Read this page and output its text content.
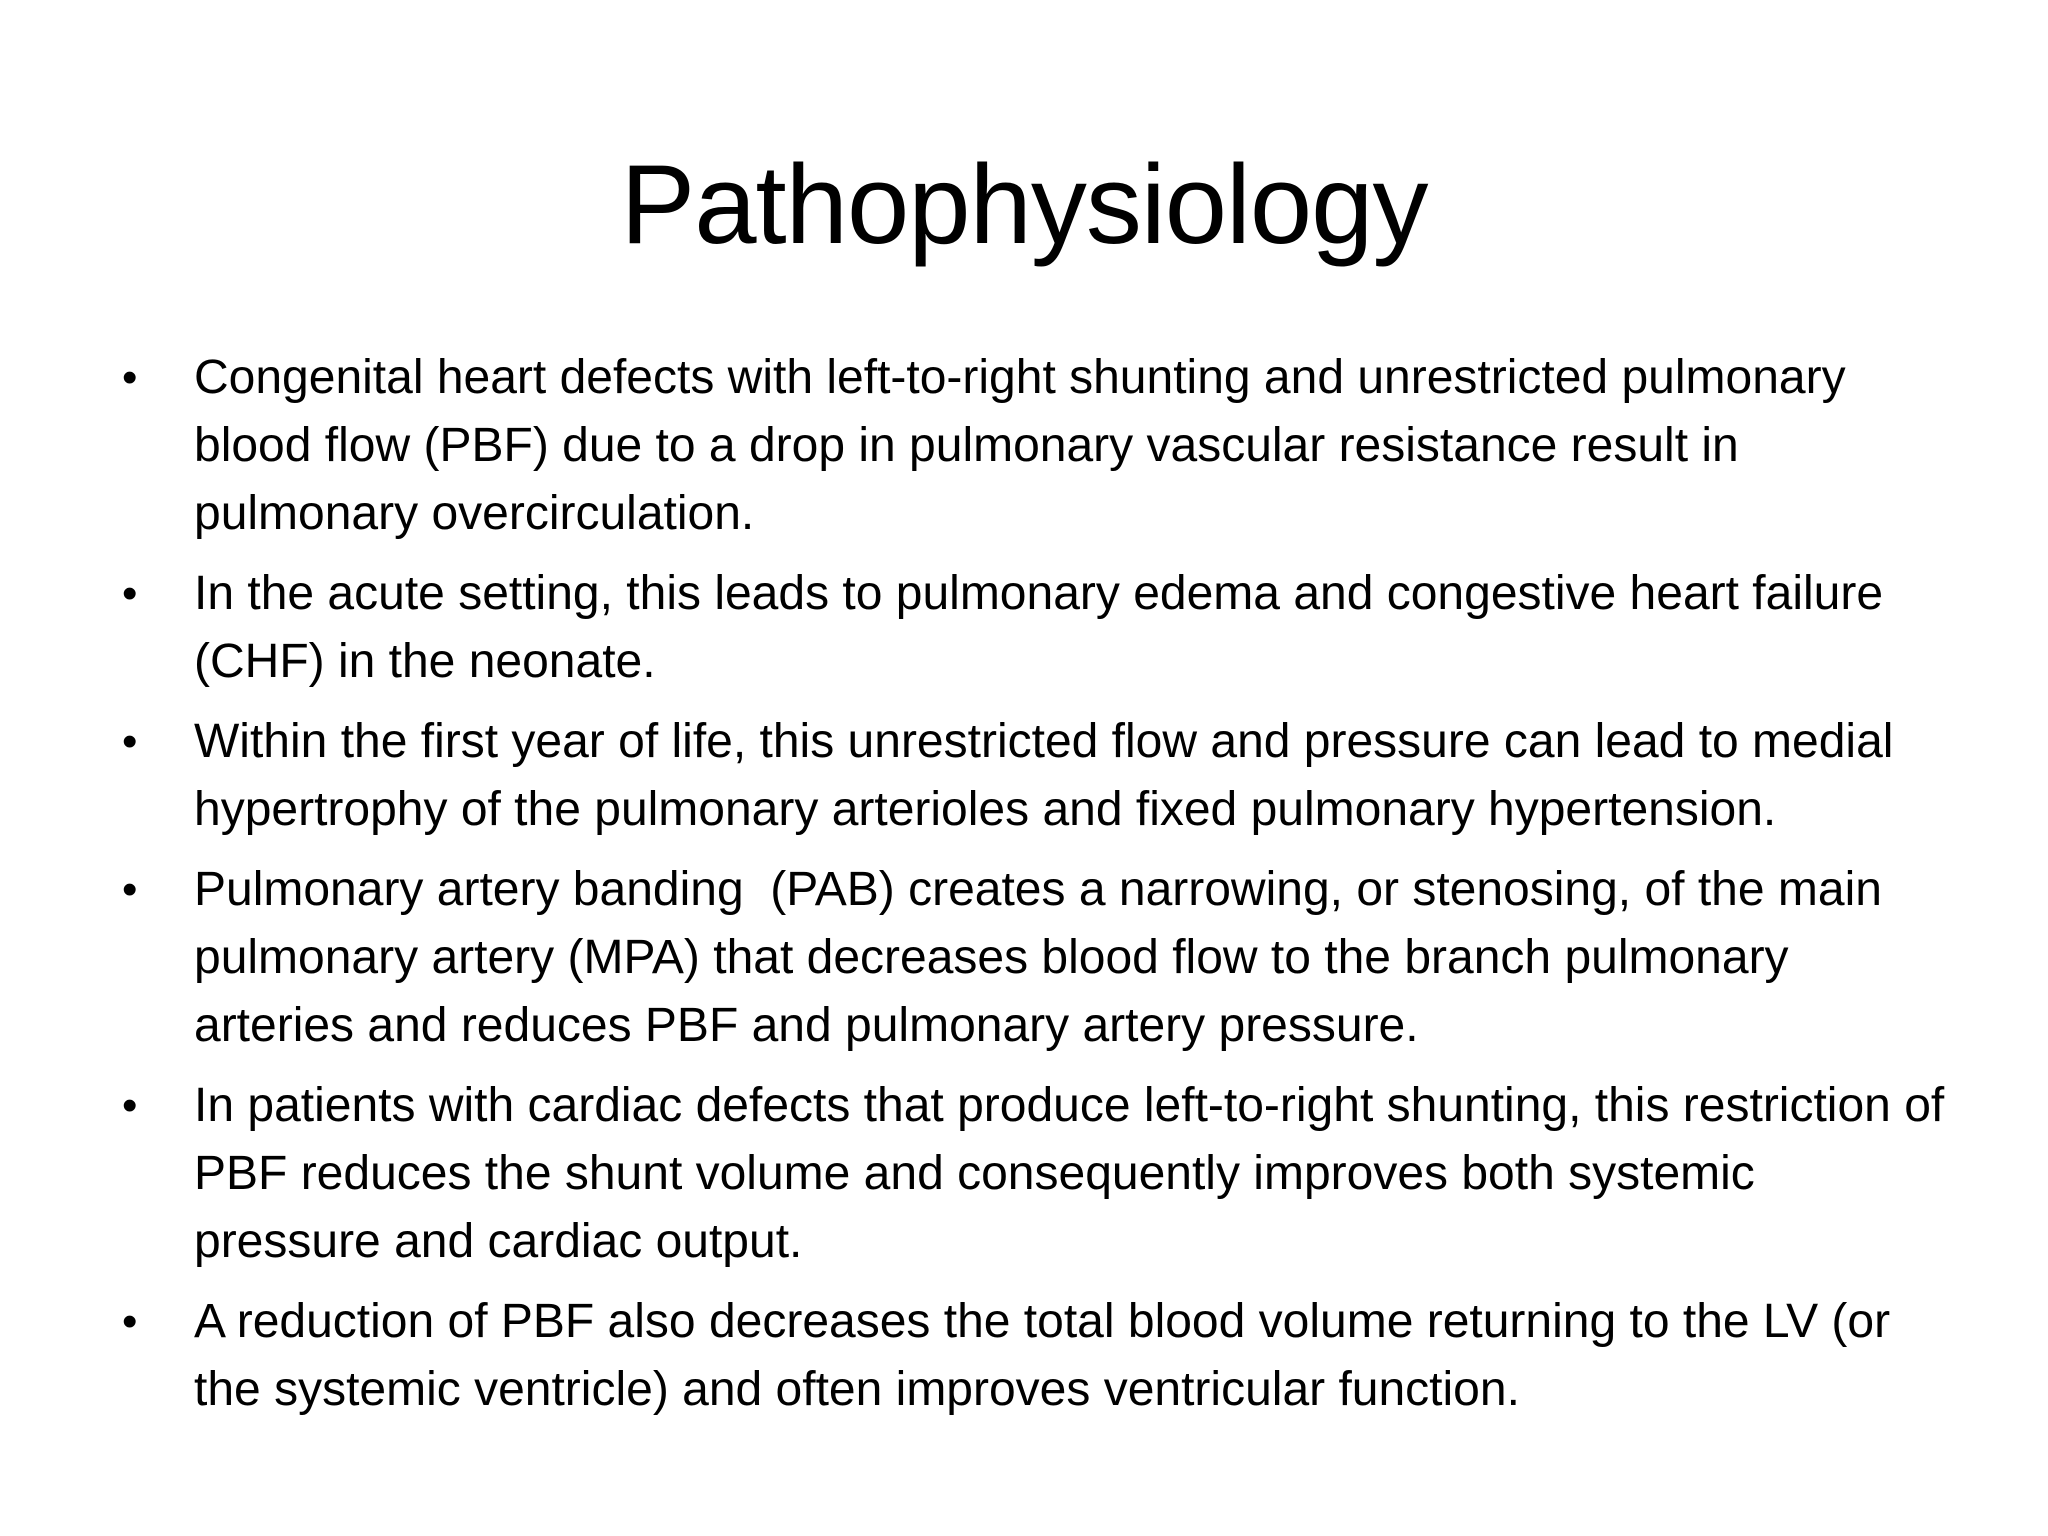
Pathophysiology
• Congenital heart defects with left-to-right shunting and unrestricted pulmonary blood flow (PBF) due to a drop in pulmonary vascular resistance result in pulmonary overcirculation.
• In the acute setting, this leads to pulmonary edema and congestive heart failure (CHF) in the neonate.
• Within the first year of life, this unrestricted flow and pressure can lead to medial hypertrophy of the pulmonary arterioles and fixed pulmonary hypertension.
• Pulmonary artery banding  (PAB) creates a narrowing, or stenosing, of the main pulmonary artery (MPA) that decreases blood flow to the branch pulmonary arteries and reduces PBF and pulmonary artery pressure.
• In patients with cardiac defects that produce left-to-right shunting, this restriction of PBF reduces the shunt volume and consequently improves both systemic pressure and cardiac output.
• A reduction of PBF also decreases the total blood volume returning to the LV (or the systemic ventricle) and often improves ventricular function.
